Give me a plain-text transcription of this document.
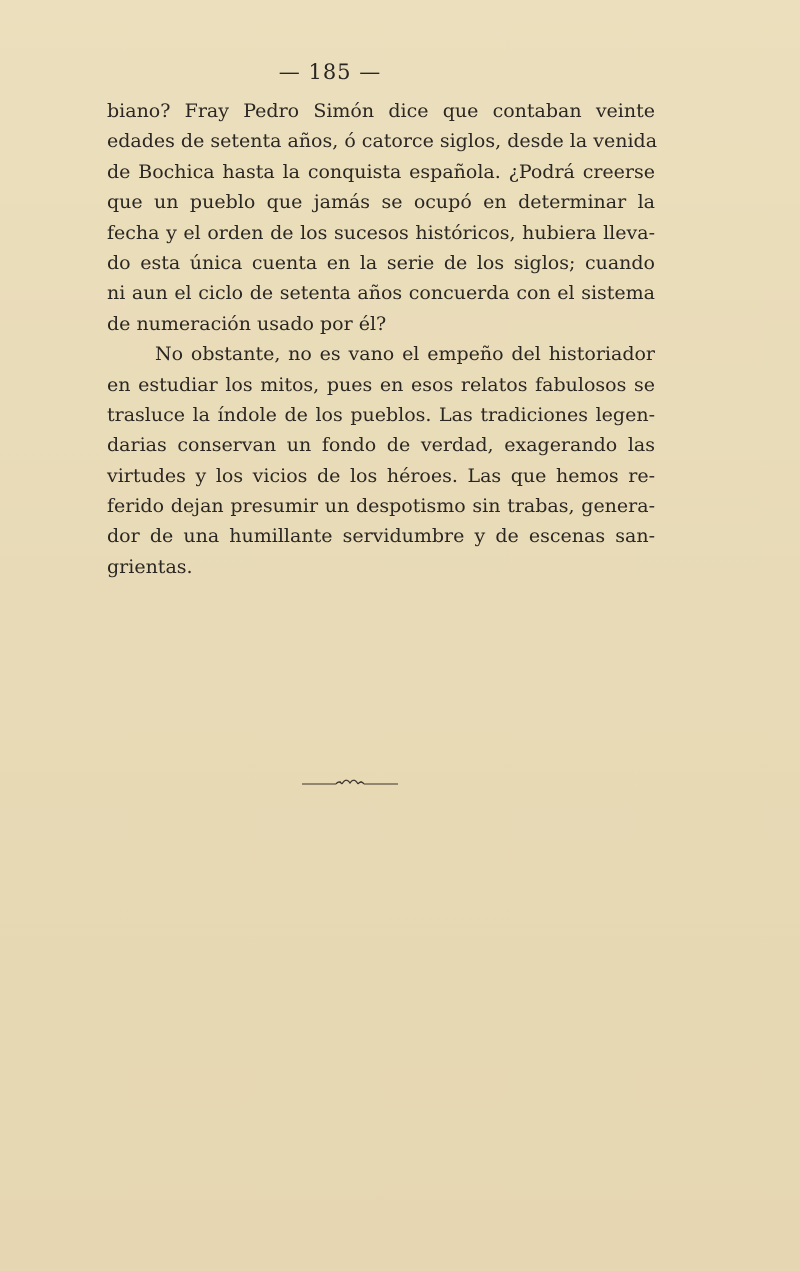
— 185 —
biano? Fray Pedro Simón dice que contaban veinte
edades de setenta años, ó catorce siglos, desde la venida
de Bochica hasta la conquista española. ¿Podrá creerse
que un pueblo que jamás se ocupó en determinar la
fecha y el orden de los sucesos históricos, hubiera lleva-
do esta única cuenta en la serie de los siglos; cuando
ni aun el ciclo de setenta años concuerda con el sistema
de numeración usado por él?
No obstante, no es vano el empeño del historiador
en estudiar los mitos, pues en esos relatos fabulosos se
trasluce la índole de los pueblos. Las tradiciones legen-
darias conservan un fondo de verdad, exagerando las
virtudes y los vicios de los héroes. Las que hemos re-
ferido dejan presumir un despotismo sin trabas, genera-
dor de una humillante servidumbre y de escenas san-
grientas.
